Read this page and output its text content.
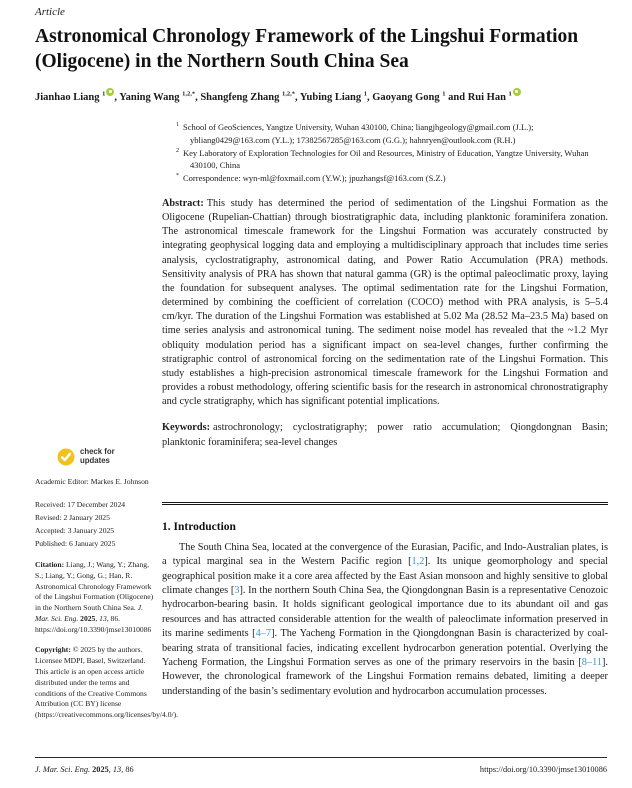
Article
Astronomical Chronology Framework of the Lingshui Formation (Oligocene) in the Northern South China Sea
Jianhao Liang $^1$ , Yaning Wang $^{1,2,*}$, Shangfeng Zhang $^{1,2,*}$, Yubing Liang $^1$, Gaoyang Gong $^1$ and Rui Han $^1$
$^1$ School of GeoSciences, Yangtze University, Wuhan 430100, China; liangjhgeology@gmail.com (J.L.); ybliang0429@163.com (Y.L.); 17382567285@163.com (G.G.); hahnryen@outlook.com (R.H.)
$^2$ Key Laboratory of Exploration Technologies for Oil and Resources, Ministry of Education, Yangtze University, Wuhan 430100, China
* Correspondence: wyn-ml@foxmail.com (Y.W.); jpuzhangsf@163.com (S.Z.)

Abstract: This study has determined the period of sedimentation of the Lingshui Formation as the Oligocene (Rupelian-Chattian) through biostratigraphic data, including planktonic foraminifera zonation. The astronomical timescale framework for the Lingshui Formation was accurately constructed by integrating geophysical logging data and employing a multidisciplinary approach that includes time series analysis, cyclostratigraphy, astronomical dating, and Power Ratio Accumulation (PRA) methods. Sensitivity analysis of PRA has shown that natural gamma (GR) is the optimal paleoclimatic proxy, laying the foundation for subsequent analyses. The optimal sedimentation rate for the Lingshui Formation, determined by combining the coefficient of correlation (COCO) method with PRA analysis, is 5–5.4 cm/kyr. The duration of the Lingshui Formation was established at 5.02 Ma (28.52 Ma–23.5 Ma) based on time series analysis and astronomical tuning. The sediment noise model has revealed that the ~1.2 Myr obliquity modulation period has a significant impact on sea-level changes, further confirming the stratigraphic control of astronomical forcing on the sedimentation rate of the Lingshui Formation. This study establishes a high-precision astronomical timescale framework for the Lingshui Formation and provides a robust methodology, offering scientific basis for the research in astronomical chronostratigraphy and cycle stratigraphy, which has significant potential implications.

Keywords: astrochronology; cyclostratigraphy; power ratio accumulation; Qiongdongnan Basin; planktonic foraminifera; sea-level changes

1. Introduction

The South China Sea, located at the convergence of the Eurasian, Pacific, and Indo-Australian plates, is a typical marginal sea in the Western Pacific region [1,2]. Its unique geomorphology and special geographical position make it a core area affected by the East Asian monsoon and highly sensitive to global climate changes [3]. In the northern South China Sea, the Qiongdongnan Basin is a representative Cenozoic hydrocarbon-bearing basin. It holds significant geological importance due to its abundant oil and gas resources and has attracted considerable attention for the wealth of paleoclimate information preserved in its marine sediments [4–7]. The Yacheng Formation in the Qiongdongnan Basin is characterized by coal-bearing strata of transitional facies, indicating excellent hydrocarbon generation potential. Overlying the Yacheng Formation, the Lingshui Formation serves as one of the primary reservoirs in the basin [8–11]. However, the chronological framework of the Lingshui Formation remains debated, limiting a deeper understanding of the basin’s sedimentary evolution and hydrocarbon accumulation processes.

check for
updates

Academic Editor: Markes E. Johnson

Received: 17 December 2024

Revised: 2 January 2025

Accepted: 3 January 2025

Published: 6 January 2025

Citation: Liang, J.; Wang, Y.; Zhang, S.; Liang, Y.; Gong, G.; Han, R. Astronomical Chronology Framework of the Lingshui Formation (Oligocene) in the Northern South China Sea. J. Mar. Sci. Eng. 2025, 13, 86. https://doi.org/10.3390/jmse13010086

Copyright: © 2025 by the authors. Licensee MDPI, Basel, Switzerland. This article is an open access article distributed under the terms and conditions of the Creative Commons Attribution (CC BY) license (https://creativecommons.org/licenses/by/4.0/).

J. Mar. Sci. Eng. 2025, 13, 86	https://doi.org/10.3390/jmse13010086
